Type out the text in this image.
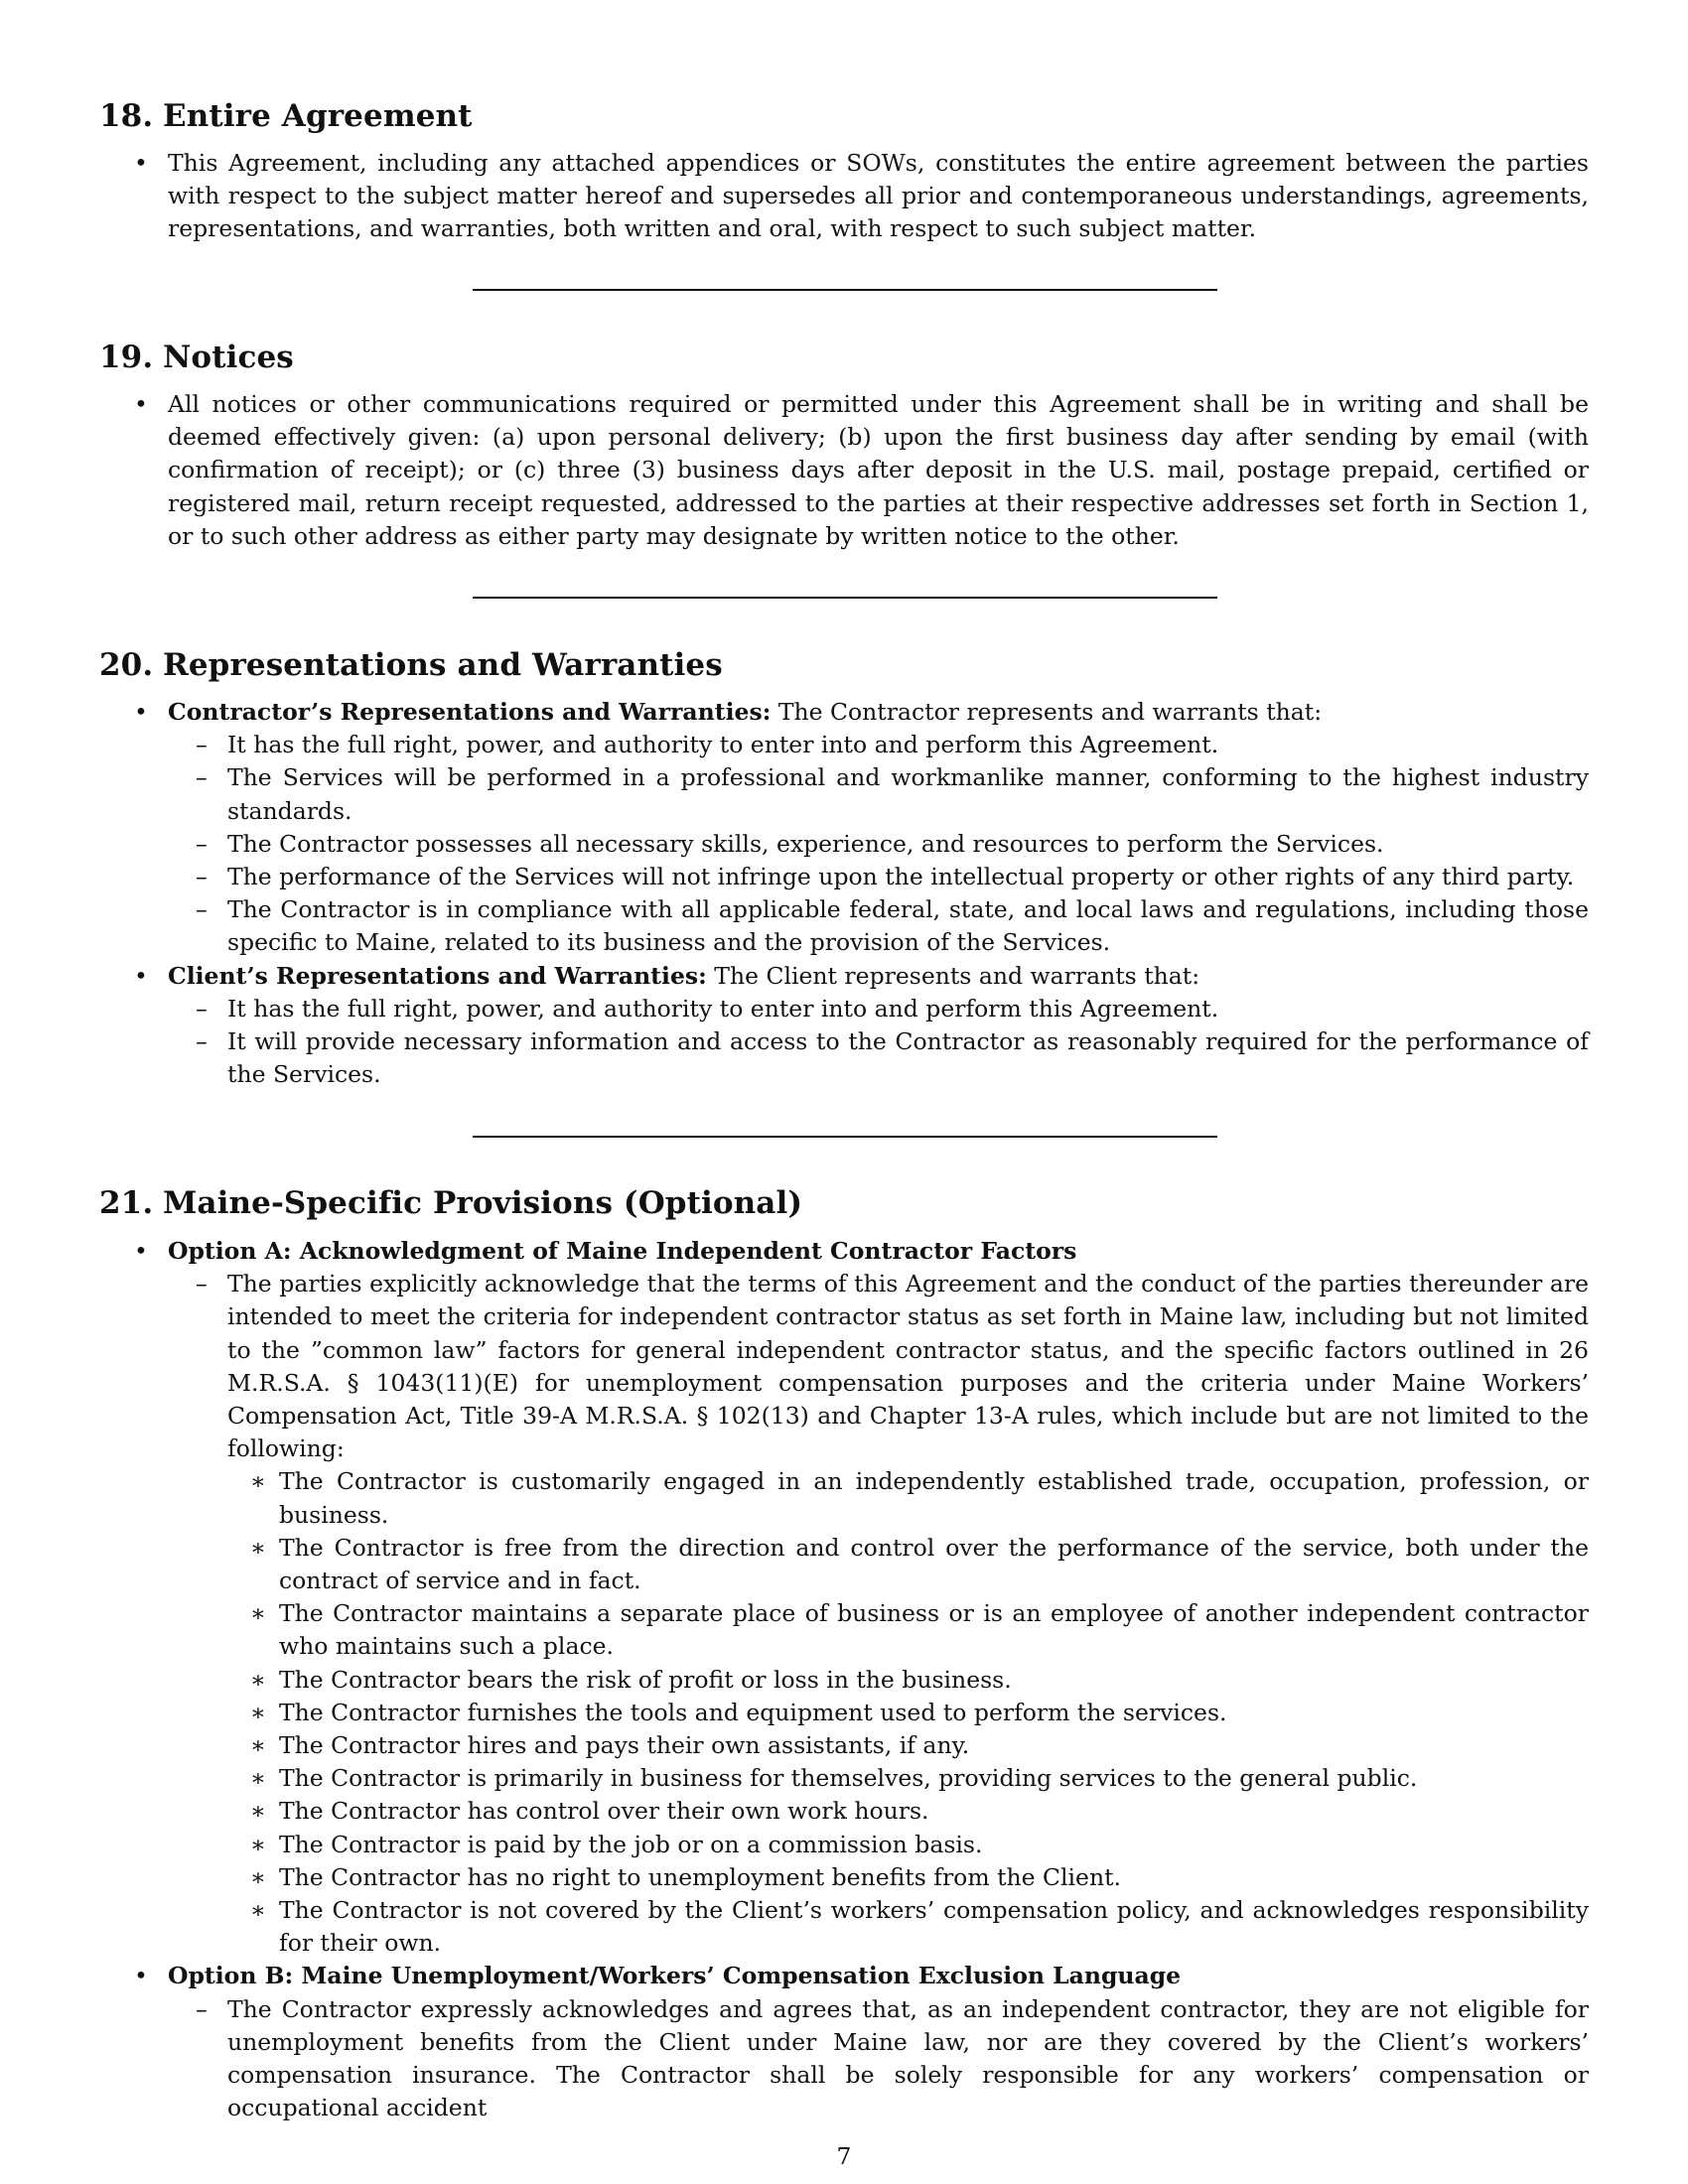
18. Entire Agreement
• This Agreement, including any attached appendices or SOWs, constitutes the entire agreement between the parties with respect to the subject matter hereof and supersedes all prior and contemporaneous understandings, agreements, representations, and warranties, both written and oral, with respect to such subject matter.
19. Notices
• All notices or other communications required or permitted under this Agreement shall be in writing and shall be deemed effectively given: (a) upon personal delivery; (b) upon the first business day after sending by email (with confirmation of receipt); or (c) three (3) business days after deposit in the U.S. mail, postage prepaid, certified or registered mail, return receipt requested, addressed to the parties at their respective addresses set forth in Section 1, or to such other address as either party may designate by written notice to the other.
20. Representations and Warranties
• Contractor’s Representations and Warranties: The Contractor represents and warrants that:
– It has the full right, power, and authority to enter into and perform this Agreement.
– The Services will be performed in a professional and workmanlike manner, conforming to the highest industry standards.
– The Contractor possesses all necessary skills, experience, and resources to perform the Services.
– The performance of the Services will not infringe upon the intellectual property or other rights of any third party.
– The Contractor is in compliance with all applicable federal, state, and local laws and regulations, including those specific to Maine, related to its business and the provision of the Services.
• Client’s Representations and Warranties: The Client represents and warrants that:
– It has the full right, power, and authority to enter into and perform this Agreement.
– It will provide necessary information and access to the Contractor as reasonably required for the performance of the Services.
21. Maine-Specific Provisions (Optional)
• Option A: Acknowledgment of Maine Independent Contractor Factors
– The parties explicitly acknowledge that the terms of this Agreement and the conduct of the parties thereunder are intended to meet the criteria for independent contractor status as set forth in Maine law, including but not limited to the ”common law” factors for general independent contractor status, and the specific factors outlined in 26 M.R.S.A. § 1043(11)(E) for unemployment compensation purposes and the criteria under Maine Workers’ Compensation Act, Title 39-A M.R.S.A. § 102(13) and Chapter 13-A rules, which include but are not limited to the following:
∗ The Contractor is customarily engaged in an independently established trade, occupation, profession, or business.
∗ The Contractor is free from the direction and control over the performance of the service, both under the contract of service and in fact.
∗ The Contractor maintains a separate place of business or is an employee of another independent contractor who maintains such a place.
∗ The Contractor bears the risk of profit or loss in the business.
∗ The Contractor furnishes the tools and equipment used to perform the services.
∗ The Contractor hires and pays their own assistants, if any.
∗ The Contractor is primarily in business for themselves, providing services to the general public.
∗ The Contractor has control over their own work hours.
∗ The Contractor is paid by the job or on a commission basis.
∗ The Contractor has no right to unemployment benefits from the Client.
∗ The Contractor is not covered by the Client’s workers’ compensation policy, and acknowledges responsibility for their own.
• Option B: Maine Unemployment/Workers’ Compensation Exclusion Language
– The Contractor expressly acknowledges and agrees that, as an independent contractor, they are not eligible for unemployment benefits from the Client under Maine law, nor are they covered by the Client’s workers’ compensation insurance. The Contractor shall be solely responsible for any workers’ compensation or occupational accident
7
